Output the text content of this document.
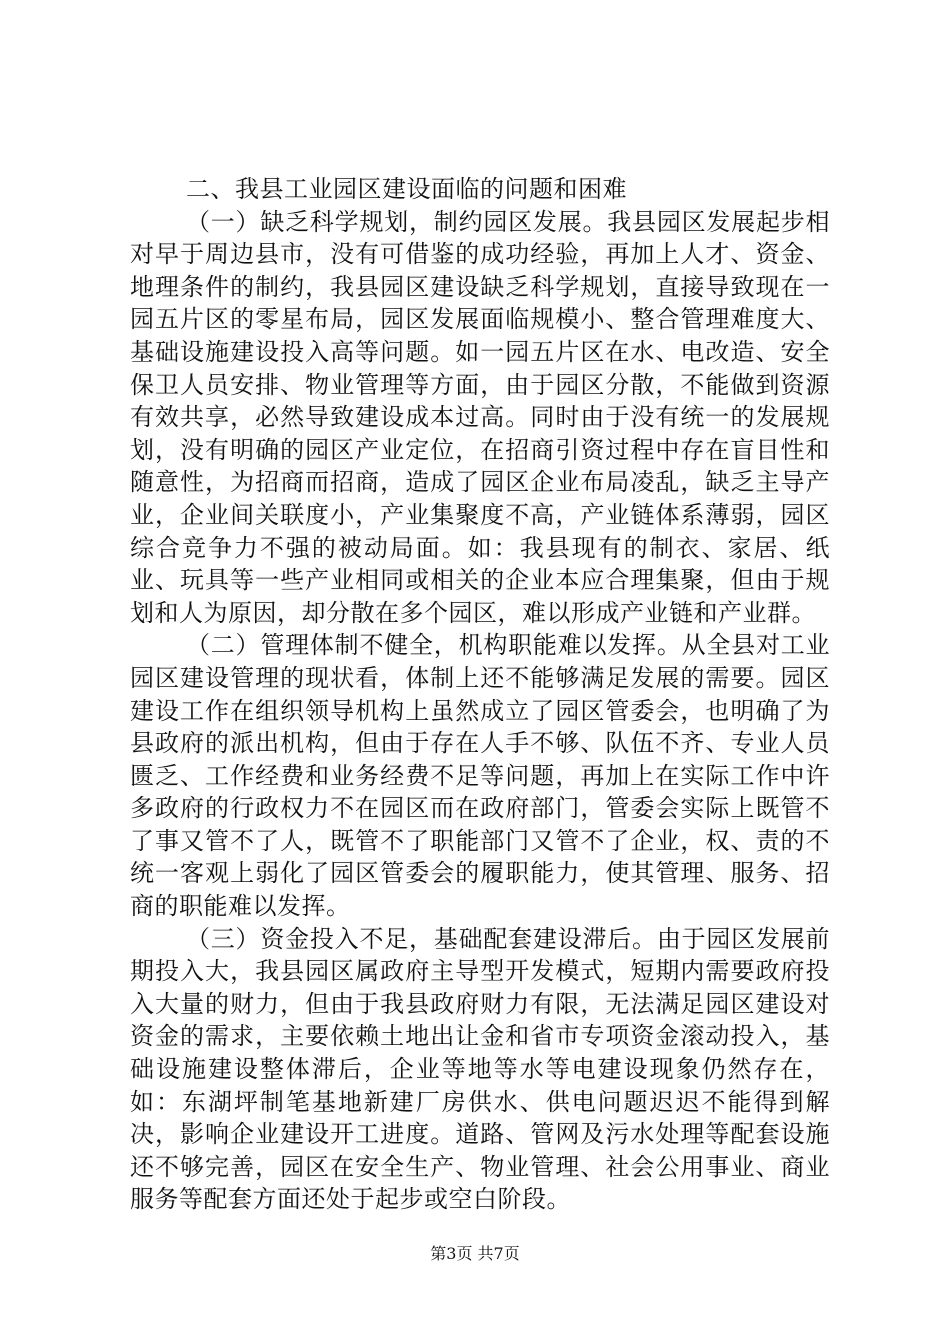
二、我县工业园区建设面临的问题和困难

（一）缺乏科学规划，制约园区发展。我县园区发展起步相对早于周边县市，没有可借鉴的成功经验，再加上人才、资金、地理条件的制约，我县园区建设缺乏科学规划，直接导致现在一园五片区的零星布局，园区发展面临规模小、整合管理难度大、基础设施建设投入高等问题。如一园五片区在水、电改造、安全保卫人员安排、物业管理等方面，由于园区分散，不能做到资源有效共享，必然导致建设成本过高。同时由于没有统一的发展规划，没有明确的园区产业定位，在招商引资过程中存在盲目性和随意性，为招商而招商，造成了园区企业布局凌乱，缺乏主导产业，企业间关联度小，产业集聚度不高，产业链体系薄弱，园区综合竞争力不强的被动局面。如：我县现有的制衣、家居、纸业、玩具等一些产业相同或相关的企业本应合理集聚，但由于规划和人为原因，却分散在多个园区，难以形成产业链和产业群。

（二）管理体制不健全，机构职能难以发挥。从全县对工业园区建设管理的现状看，体制上还不能够满足发展的需要。园区建设工作在组织领导机构上虽然成立了园区管委会，也明确了为县政府的派出机构，但由于存在人手不够、队伍不齐、专业人员匮乏、工作经费和业务经费不足等问题，再加上在实际工作中许多政府的行政权力不在园区而在政府部门，管委会实际上既管不了事又管不了人，既管不了职能部门又管不了企业，权、责的不统一客观上弱化了园区管委会的履职能力，使其管理、服务、招商的职能难以发挥。

（三）资金投入不足，基础配套建设滞后。由于园区发展前期投入大，我县园区属政府主导型开发模式，短期内需要政府投入大量的财力，但由于我县政府财力有限，无法满足园区建设对资金的需求，主要依赖土地出让金和省市专项资金滚动投入，基础设施建设整体滞后，企业等地等水等电建设现象仍然存在，如：东湖坪制笔基地新建厂房供水、供电问题迟迟不能得到解决，影响企业建设开工进度。道路、管网及污水处理等配套设施还不够完善，园区在安全生产、物业管理、社会公用事业、商业服务等配套方面还处于起步或空白阶段。

第3页 共7页
